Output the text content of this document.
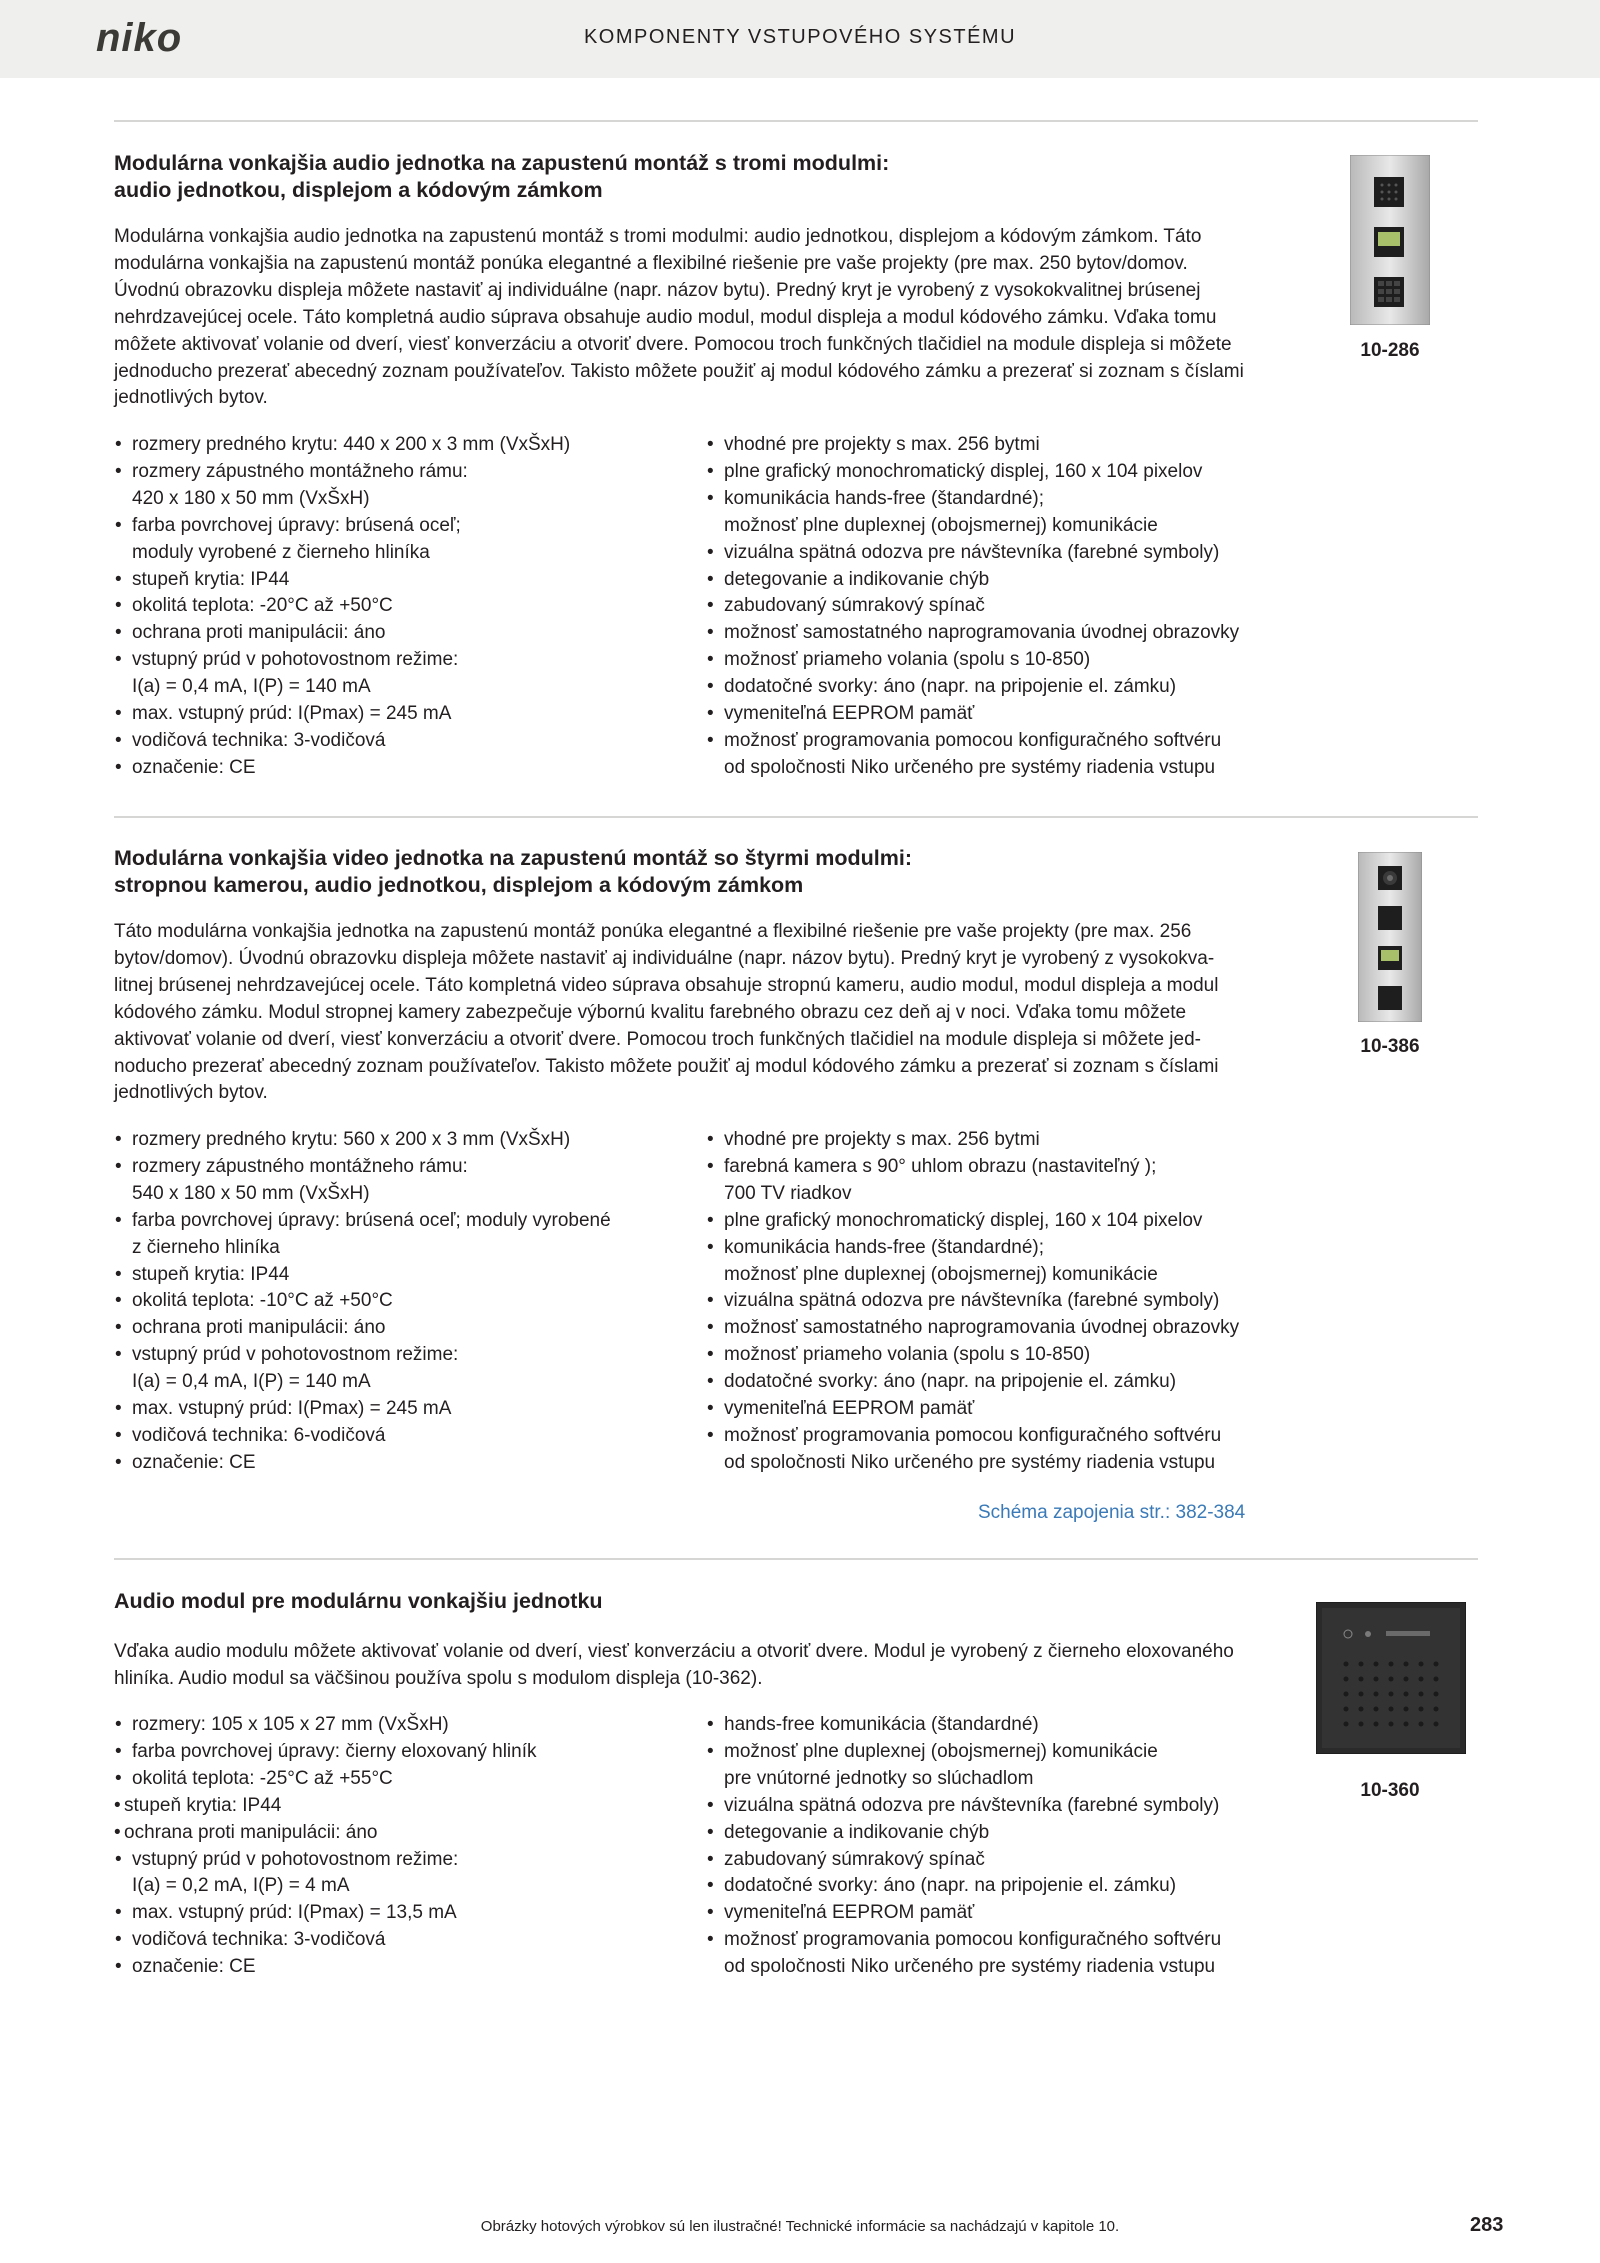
niko	KOMPONENTY VSTUPOVÉHO SYSTÉMU
Modulárna vonkajšia audio jednotka na zapustenú montáž s tromi modulmi:
audio jednotkou, displejom a kódovým zámkom
Modulárna vonkajšia audio jednotka na zapustenú montáž s tromi modulmi: audio jednotkou, displejom a kódovým zámkom. Táto
modulárna vonkajšia na zapustenú montáž ponúka elegantné a flexibilné riešenie pre vaše projekty (pre max. 250 bytov/domov.
Úvodnú obrazovku displeja môžete nastaviť aj individuálne (napr. názov bytu). Predný kryt je vyrobený z vysokokvalitnej brúsenej
nehrdzavejúcej ocele. Táto kompletná audio súprava obsahuje audio modul, modul displeja a modul kódového zámku. Vďaka tomu
môžete aktivovať volanie od dverí, viesť konverzáciu a otvoriť dvere. Pomocou troch funkčných tlačidiel na module displeja si môžete
jednoducho prezerať abecedný zoznam používateľov. Takisto môžete použiť aj modul kódového zámku a prezerať si zoznam s číslami
jednotlivých bytov.
• rozmery predného krytu: 440 x 200 x 3 mm (VxŠxH)
• rozmery zápustného montážneho rámu:
420 x 180 x 50 mm (VxŠxH)
• farba povrchovej úpravy: brúsená oceľ;
moduly vyrobené z čierneho hliníka
• stupeň krytia: IP44
• okolitá teplota: -20°C až +50°C
• ochrana proti manipulácii: áno
• vstupný prúd v pohotovostnom režime:
I(a) = 0,4 mA, I(P) = 140 mA
• max. vstupný prúd: I(Pmax) = 245 mA
• vodičová technika: 3-vodičová
• označenie: CE
• vhodné pre projekty s max. 256 bytmi
• plne grafický monochromatický displej, 160 x 104 pixelov
• komunikácia hands-free (štandardné);
možnosť plne duplexnej (obojsmernej) komunikácie
• vizuálna spätná odozva pre návštevníka (farebné symboly)
• detegovanie a indikovanie chýb
• zabudovaný súmrakový spínač
• možnosť samostatného naprogramovania úvodnej obrazovky
• možnosť priameho volania (spolu s 10-850)
• dodatočné svorky: áno (napr. na pripojenie el. zámku)
• vymeniteľná EEPROM pamäť
• možnosť programovania pomocou konfiguračného softvéru
od spoločnosti Niko určeného pre systémy riadenia vstupu
10-286
Modulárna vonkajšia video jednotka na zapustenú montáž so štyrmi modulmi:
stropnou kamerou, audio jednotkou, displejom a kódovým zámkom
Táto modulárna vonkajšia jednotka na zapustenú montáž ponúka elegantné a flexibilné riešenie pre vaše projekty (pre max. 256
bytov/domov). Úvodnú obrazovku displeja môžete nastaviť aj individuálne (napr. názov bytu). Predný kryt je vyrobený z vysokokva-
litnej brúsenej nehrdzavejúcej ocele. Táto kompletná video súprava obsahuje stropnú kameru, audio modul, modul displeja a modul
kódového zámku. Modul stropnej kamery zabezpečuje výbornú kvalitu farebného obrazu cez deň aj v noci. Vďaka tomu môžete
aktivovať volanie od dverí, viesť konverzáciu a otvoriť dvere. Pomocou troch funkčných tlačidiel na module displeja si môžete jed-
noducho prezerať abecedný zoznam používateľov. Takisto môžete použiť aj modul kódového zámku a prezerať si zoznam s číslami
jednotlivých bytov.
• rozmery predného krytu: 560 x 200 x 3 mm (VxŠxH)
• rozmery zápustného montážneho rámu:
540 x 180 x 50 mm (VxŠxH)
• farba povrchovej úpravy: brúsená oceľ; moduly vyrobené
z čierneho hliníka
• stupeň krytia: IP44
• okolitá teplota: -10°C až +50°C
• ochrana proti manipulácii: áno
• vstupný prúd v pohotovostnom režime:
I(a) = 0,4 mA, I(P) = 140 mA
• max. vstupný prúd: I(Pmax) = 245 mA
• vodičová technika: 6-vodičová
• označenie: CE
• vhodné pre projekty s max. 256 bytmi
• farebná kamera s 90° uhlom obrazu (nastaviteľný );
700 TV riadkov
• plne grafický monochromatický displej, 160 x 104 pixelov
• komunikácia hands-free (štandardné);
možnosť plne duplexnej (obojsmernej) komunikácie
• vizuálna spätná odozva pre návštevníka (farebné symboly)
• možnosť samostatného naprogramovania úvodnej obrazovky
• možnosť priameho volania (spolu s 10-850)
• dodatočné svorky: áno (napr. na pripojenie el. zámku)
• vymeniteľná EEPROM pamäť
• možnosť programovania pomocou konfiguračného softvéru
od spoločnosti Niko určeného pre systémy riadenia vstupu
Schéma zapojenia str.: 382-384
10-386
Audio modul pre modulárnu vonkajšiu jednotku
Vďaka audio modulu môžete aktivovať volanie od dverí, viesť konverzáciu a otvoriť dvere. Modul je vyrobený z čierneho eloxovaného
hliníka. Audio modul sa väčšinou používa spolu s modulom displeja (10-362).
• rozmery: 105 x 105 x 27 mm (VxŠxH)
• farba povrchovej úpravy: čierny eloxovaný hliník
• okolitá teplota: -25°C až +55°C
• stupeň krytia: IP44
• ochrana proti manipulácii: áno
• vstupný prúd v pohotovostnom režime:
I(a) = 0,2 mA, I(P) = 4 mA
• max. vstupný prúd: I(Pmax) = 13,5 mA
• vodičová technika: 3-vodičová
• označenie: CE
• hands-free komunikácia (štandardné)
• možnosť plne duplexnej (obojsmernej) komunikácie
pre vnútorné jednotky so slúchadlom
• vizuálna spätná odozva pre návštevníka (farebné symboly)
• detegovanie a indikovanie chýb
• zabudovaný súmrakový spínač
• dodatočné svorky: áno (napr. na pripojenie el. zámku)
• vymeniteľná EEPROM pamäť
• možnosť programovania pomocou konfiguračného softvéru
od spoločnosti Niko určeného pre systémy riadenia vstupu
10-360
Obrázky hotových výrobkov sú len ilustračné! Technické informácie sa nachádzajú v kapitole 10.	283
